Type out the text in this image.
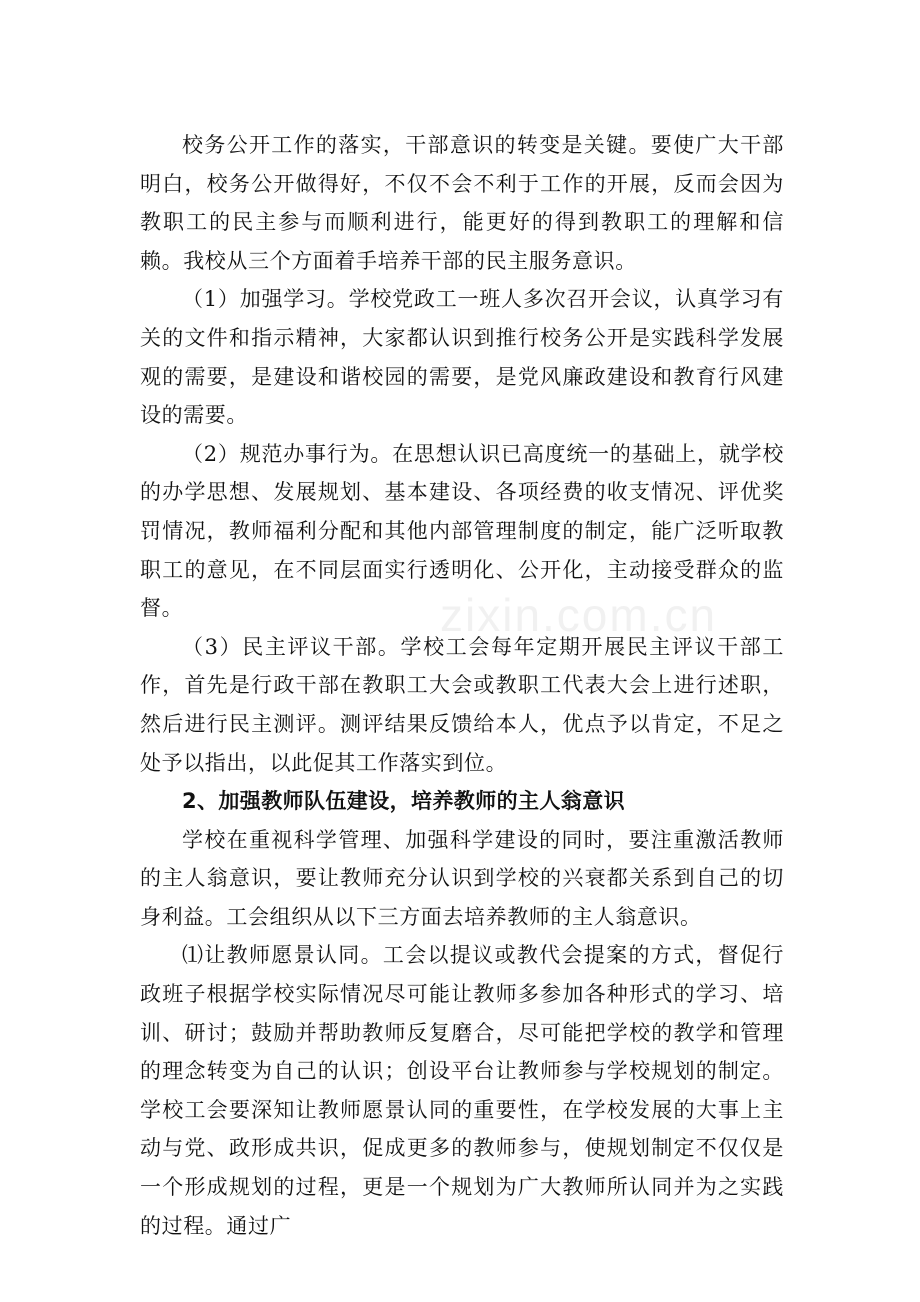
校务公开工作的落实，干部意识的转变是关键。要使广大干部明白，校务公开做得好，不仅不会不利于工作的开展，反而会因为教职工的民主参与而顺利进行，能更好的得到教职工的理解和信赖。我校从三个方面着手培养干部的民主服务意识。

（1）加强学习。学校党政工一班人多次召开会议，认真学习有关的文件和指示精神，大家都认识到推行校务公开是实践科学发展观的需要，是建设和谐校园的需要，是党风廉政建设和教育行风建设的需要。

（2）规范办事行为。在思想认识已高度统一的基础上，就学校的办学思想、发展规划、基本建设、各项经费的收支情况、评优奖罚情况，教师福利分配和其他内部管理制度的制定，能广泛听取教职工的意见，在不同层面实行透明化、公开化，主动接受群众的监督。

（3）民主评议干部。学校工会每年定期开展民主评议干部工作，首先是行政干部在教职工大会或教职工代表大会上进行述职，然后进行民主测评。测评结果反馈给本人，优点予以肯定，不足之处予以指出，以此促其工作落实到位。

2、加强教师队伍建设，培养教师的主人翁意识

学校在重视科学管理、加强科学建设的同时，要注重激活教师的主人翁意识，要让教师充分认识到学校的兴衰都关系到自己的切身利益。工会组织从以下三方面去培养教师的主人翁意识。

⑴让教师愿景认同。工会以提议或教代会提案的方式，督促行政班子根据学校实际情况尽可能让教师多参加各种形式的学习、培训、研讨；鼓励并帮助教师反复磨合，尽可能把学校的教学和管理的理念转变为自己的认识；创设平台让教师参与学校规划的制定。学校工会要深知让教师愿景认同的重要性，在学校发展的大事上主动与党、政形成共识，促成更多的教师参与，使规划制定不仅仅是一个形成规划的过程，更是一个规划为广大教师所认同并为之实践的过程。通过广

zixin.com.cn
